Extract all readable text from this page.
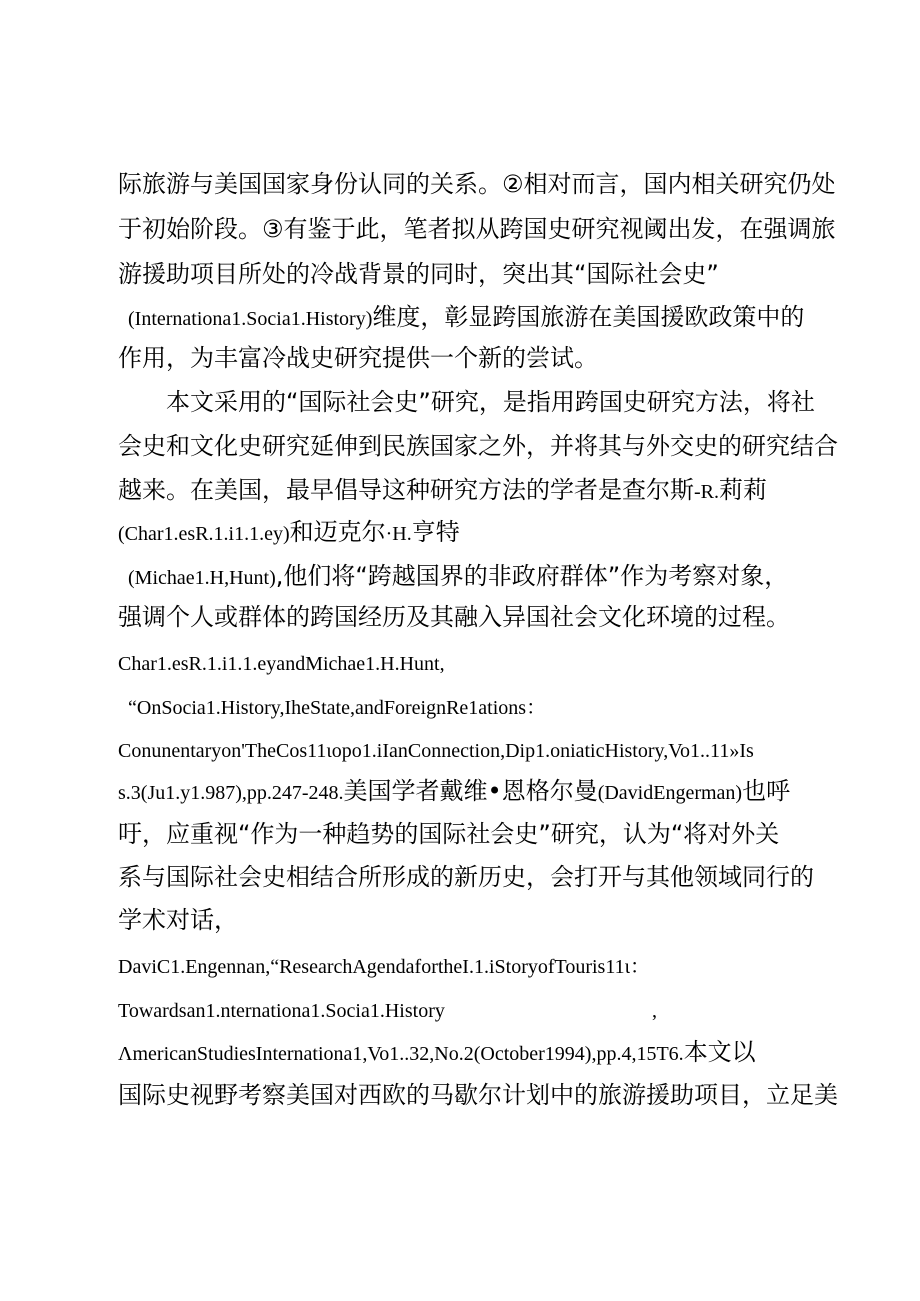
际旅游与美国国家身份认同的关系。②相对而言，国内相关研究仍处
于初始阶段。③有鉴于此，笔者拟从跨国史研究视阈出发，在强调旅
游援助项目所处的冷战背景的同时，突出其“国际社会史”
(Internationa1.Socia1.History)维度，彰显跨国旅游在美国援欧政策中的
作用，为丰富冷战史研究提供一个新的尝试。
本文采用的“国际社会史”研究，是指用跨国史研究方法，将社
会史和文化史研究延伸到民族国家之外，并将其与外交史的研究结合
越来。在美国，最早倡导这种研究方法的学者是查尔斯-R.莉莉
(Char1.esR.1.i1.1.ey)和迈克尔·H.亨特
(Michae1.H,Hunt),他们将“跨越国界的非政府群体”作为考察对象，
强调个人或群体的跨国经历及其融入异国社会文化环境的过程。
Char1.esR.1.i1.1.eyandMichae1.H.Hunt,
“OnSocia1.History,IheState,andForeignRe1ations：
Conunentaryon'TheCos11ιopo1.iIanConnection,Dip1.oniaticHistory,Vo1..11»Is
s.3(Ju1.y1.987),pp.247-248.美国学者戴维•恩格尔曼(DavidEngerman)也呼
吁，应重视“作为一种趋势的国际社会史”研究，认为“将对外关
系与国际社会史相结合所形成的新历史，会打开与其他领域同行的
学术对话，
DaviC1.Engennan,“ResearchAgendafortheΙ.1.iStoryofTouris11ι：
Towardsan1.nternationa1.Socia1.History	,
ΛmericanStudiesInternationa1,Vo1..32,No.2(October1994),pp.4,15T6.本文以
国际史视野考察美国对西欧的马歇尔计划中的旅游援助项目，立足美
